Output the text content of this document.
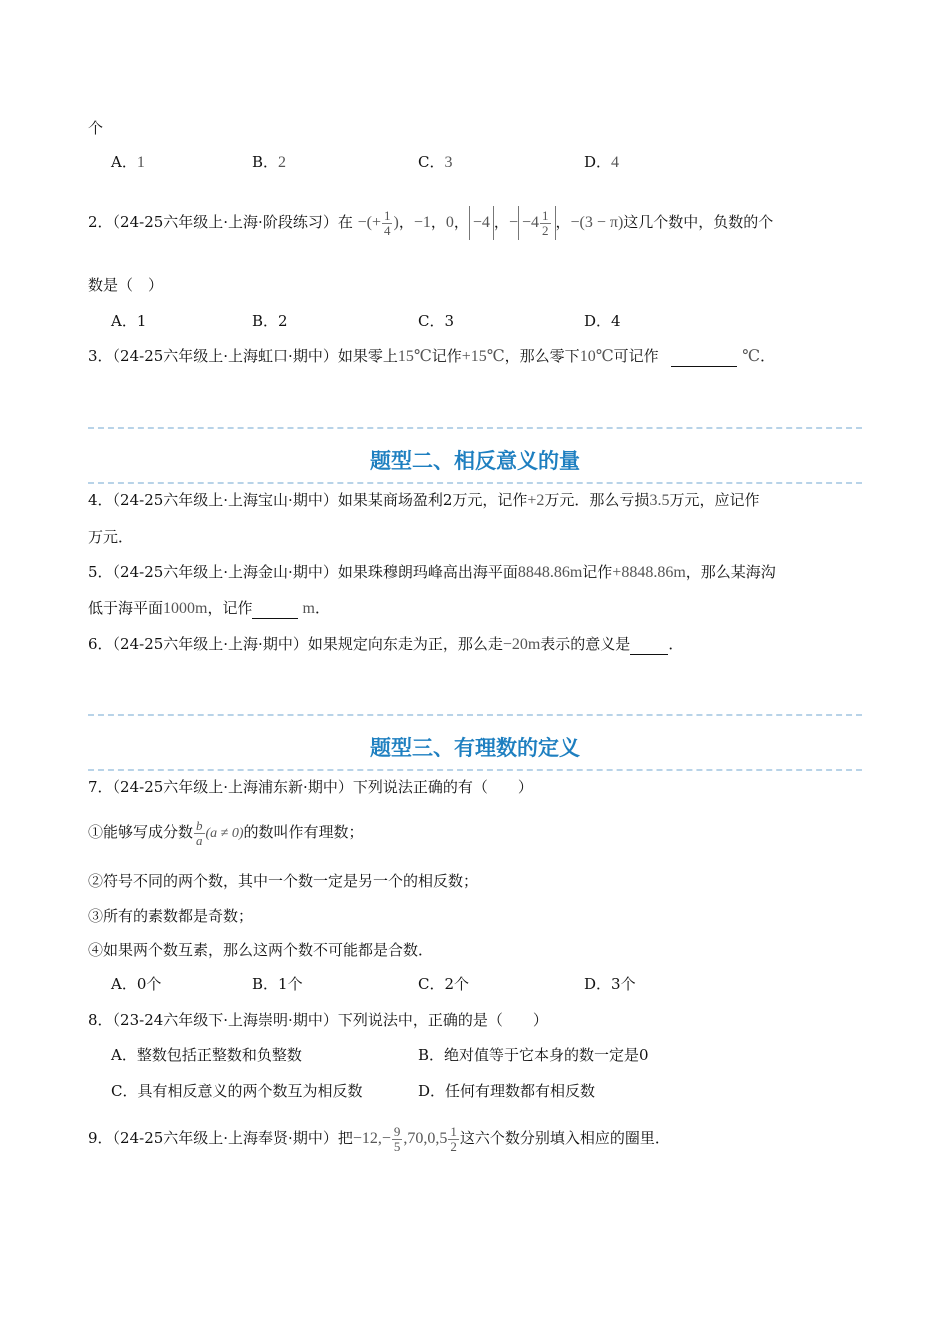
个
A．1	B．2	C．3	D．4
2．（24-25六年级上·上海·阶段练习）在 −(+ $\frac{1}{4}$ )，−1，0， −4 ，− $-4 \frac{1}{2}$ ，−(3 − π)这几个数中，负数的个
数是（　）
A．1	B．2	C．3	D．4
3．（24-25六年级上·上海虹口·期中）如果零上15℃记作+15℃，那么零下10℃可记作	℃．
题型二、相反意义的量
4．（24-25六年级上·上海宝山·期中）如果某商场盈利2万元，记作+2万元．那么亏损3.5万元，应记作
万元．
5．（24-25六年级上·上海金山·期中）如果珠穆朗玛峰高出海平面8848.86m记作+8848.86m，那么某海沟
低于海平面1000m，记作	m．
6．（24-25六年级上·上海·期中）如果规定向东走为正，那么走−20m表示的意义是	．
题型三、有理数的定义
7．（24-25六年级上·上海浦东新·期中）下列说法正确的有（　　）
①能够写成分数 $\frac{b}{a} (a \ne 0)$的数叫作有理数；
②符号不同的两个数，其中一个数一定是另一个的相反数；
③所有的素数都是奇数；
④如果两个数互素，那么这两个数不可能都是合数．
A．0个	B．1个	C．2个	D．3个
8．（23-24六年级下·上海崇明·期中）下列说法中，正确的是（　　）
A．整数包括正整数和负整数	B．绝对值等于它本身的数一定是0
C．具有相反意义的两个数互为相反数	D．任何有理数都有相反数
9．（24-25六年级上·上海奉贤·期中）把$-12,- \frac{9}{5} ,70,0,5 \frac{1}{2}$ 这六个数分别填入相应的圈里．
